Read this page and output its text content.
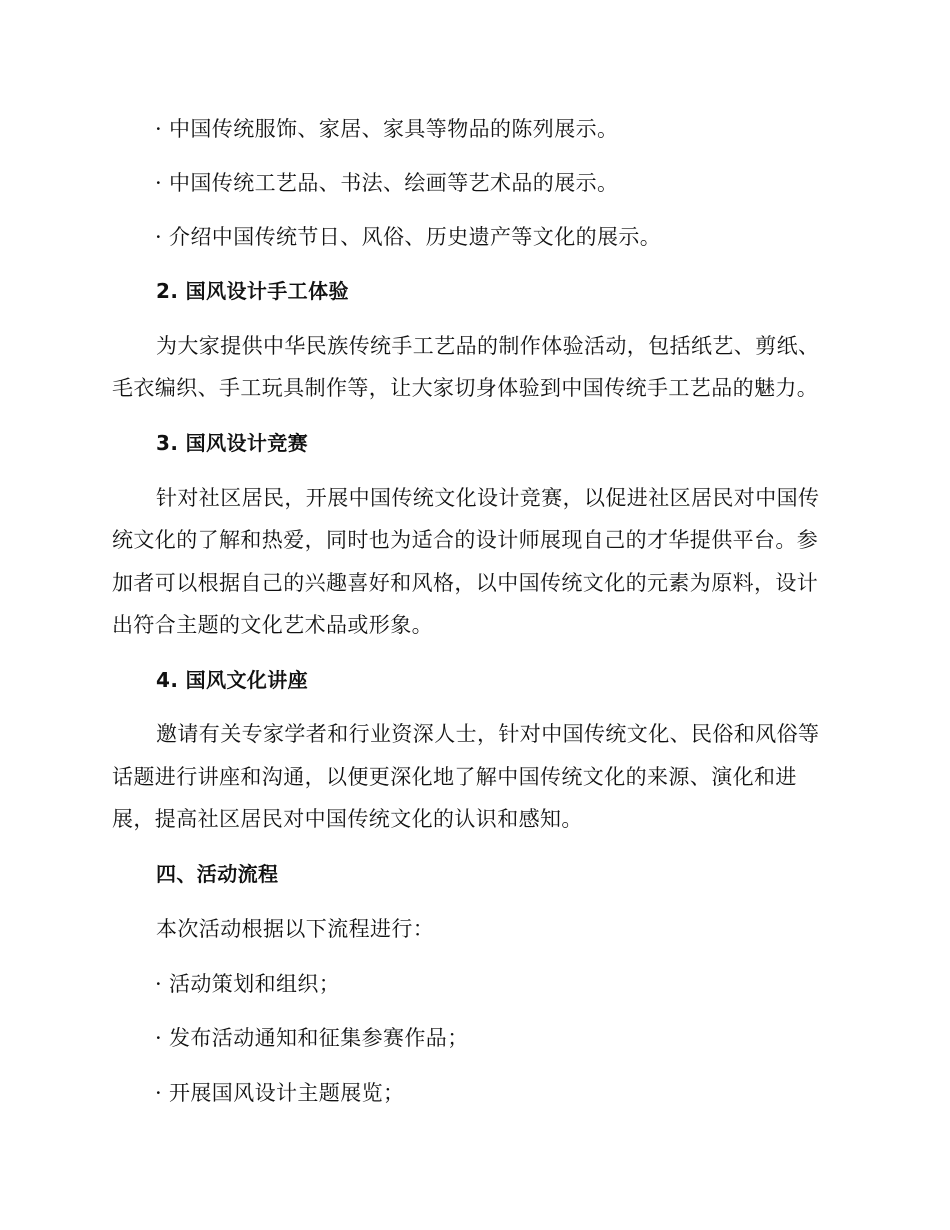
· 中国传统服饰、家居、家具等物品的陈列展示。
· 中国传统工艺品、书法、绘画等艺术品的展示。
· 介绍中国传统节日、风俗、历史遗产等文化的展示。
2. 国风设计手工体验
为大家提供中华民族传统手工艺品的制作体验活动，包括纸艺、剪纸、
毛衣编织、手工玩具制作等，让大家切身体验到中国传统手工艺品的魅力。
3. 国风设计竞赛
针对社区居民，开展中国传统文化设计竞赛，以促进社区居民对中国传
统文化的了解和热爱，同时也为适合的设计师展现自己的才华提供平台。参
加者可以根据自己的兴趣喜好和风格，以中国传统文化的元素为原料，设计
出符合主题的文化艺术品或形象。
4. 国风文化讲座
邀请有关专家学者和行业资深人士，针对中国传统文化、民俗和风俗等
话题进行讲座和沟通，以便更深化地了解中国传统文化的来源、演化和进
展，提高社区居民对中国传统文化的认识和感知。
四、活动流程
本次活动根据以下流程进行：
· 活动策划和组织；
· 发布活动通知和征集参赛作品；
· 开展国风设计主题展览；
